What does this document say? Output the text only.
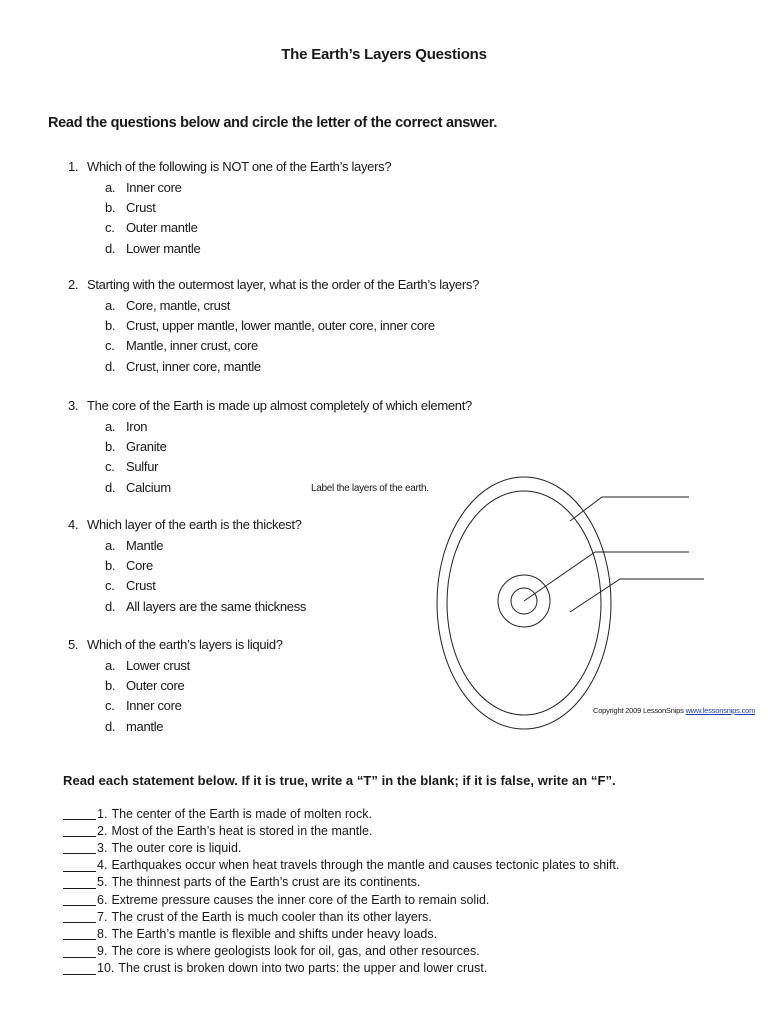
The Earth’s Layers Questions
Read the questions below and circle the letter of the correct answer.
1. Which of the following is NOT one of the Earth’s layers?
a. Inner core
b. Crust
c. Outer mantle
d. Lower mantle
2. Starting with the outermost layer, what is the order of the Earth’s layers?
a. Core, mantle, crust
b. Crust, upper mantle, lower mantle, outer core, inner core
c. Mantle, inner crust, core
d. Crust, inner core, mantle
3. The core of the Earth is made up almost completely of which element?
a. Iron
b. Granite
c. Sulfur
d. Calcium
4. Which layer of the earth is the thickest?
a. Mantle
b. Core
c. Crust
d. All layers are the same thickness
5. Which of the earth’s layers is liquid?
a. Lower crust
b. Outer core
c. Inner core
d. mantle
Label the layers of the earth.
Copyright 2009 LessonSnips www.lessonsnips.com
Read each statement below. If it is true, write a “T” in the blank; if it is false, write an “F”.
1. The center of the Earth is made of molten rock.
2. Most of the Earth’s heat is stored in the mantle.
3. The outer core is liquid.
4. Earthquakes occur when heat travels through the mantle and causes tectonic plates to shift.
5. The thinnest parts of the Earth’s crust are its continents.
6. Extreme pressure causes the inner core of the Earth to remain solid.
7. The crust of the Earth is much cooler than its other layers.
8. The Earth’s mantle is flexible and shifts under heavy loads.
9. The core is where geologists look for oil, gas, and other resources.
10. The crust is broken down into two parts: the upper and lower crust.
